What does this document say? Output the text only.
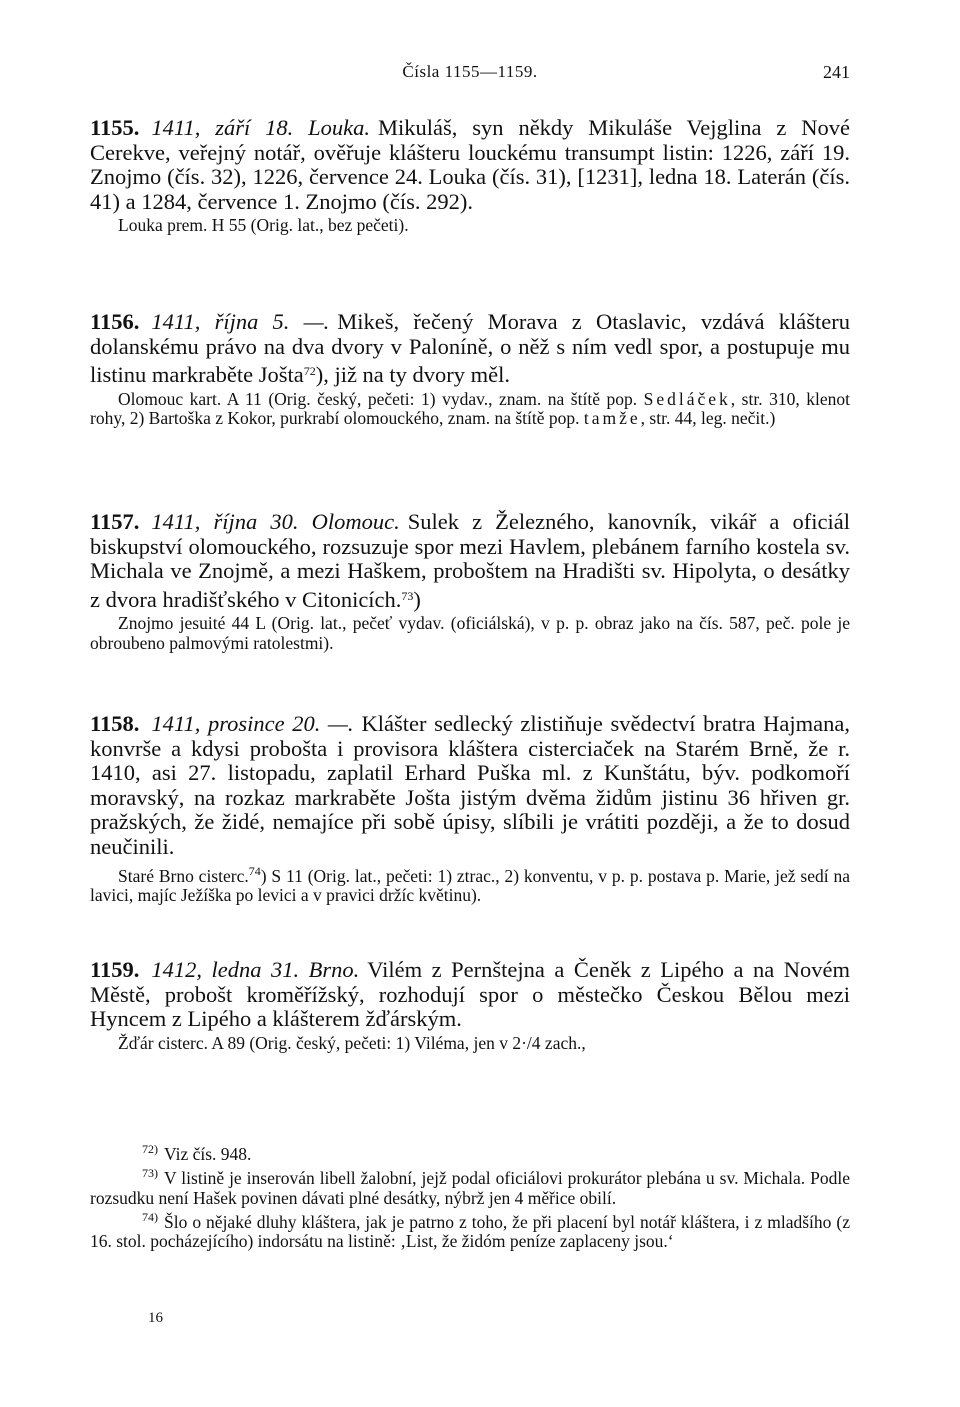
Čísla 1155—1159.	241

1155. 1411, září 18. Louka. Mikuláš, syn někdy Mikuláše Vejglina z Nové Cerekve, veřejný notář, ověřuje klášteru louckému transumpt listin: 1226, září 19. Znojmo (čís. 32), 1226, července 24. Louka (čís. 31), [1231], ledna 18. Laterán (čís. 41) a 1284, července 1. Znojmo (čís. 292).

Louka prem. H 55 (Orig. lat., bez pečeti).

1156. 1411, října 5. —. Mikeš, řečený Morava z Otaslavic, vzdává klášteru dolanskému právo na dva dvory v Paloníně, o něž s ním vedl spor, a postupuje mu listinu markraběte Jošta$^{72}$), již na ty dvory měl.

Olomouc kart. A 11 (Orig. český, pečeti: 1) vydav., znam. na štítě pop. Sedláček, str. 310, klenot rohy, 2) Bartoška z Kokor, purkrabí olomouckého, znam. na štítě pop. tamže, str. 44, leg. nečit.)

1157. 1411, října 30. Olomouc. Sulek z Železného, kanovník, vikář a oficiál biskupství olomouckého, rozsuzuje spor mezi Havlem, plebánem farního kostela sv. Michala ve Znojmě, a mezi Haškem, proboštem na Hradišti sv. Hipolyta, o desátky z dvora hradišťského v Citonicích.$^{73}$)

Znojmo jesuité 44 L (Orig. lat., pečeť vydav. (oficiálská), v p. p. obraz jako na čís. 587, peč. pole je obroubeno palmovými ratolestmi).

1158. 1411, prosince 20. —. Klášter sedlecký zlistiňuje svědectví bratra Hajmana, konvrše a kdysi probošta i provisora kláštera cisterciaček na Starém Brně, že r. 1410, asi 27. listopadu, zaplatil Erhard Puška ml. z Kunštátu, býv. podkomoří moravský, na rozkaz markraběte Jošta jistým dvěma židům jistinu 36 hřiven gr. pražských, že židé, nemajíce při sobě úpisy, slíbili je vrátiti později, a že to dosud neučinili.

Staré Brno cisterc.$^{74}$) S 11 (Orig. lat., pečeti: 1) ztrac., 2) konventu, v p. p. postava p. Marie, jež sedí na lavici, majíc Ježíška po levici a v pravici držíc květinu).

1159. 1412, ledna 31. Brno. Vilém z Pernštejna a Čeněk z Lipého a na Novém Městě, probošt kroměřížský, rozhodují spor o městečko Českou Bělou mezi Hyncem z Lipého a klášterem žďárským.

Žďár cisterc. A 89 (Orig. český, pečeti: 1) Viléma, jen v 2·/4 zach.,

$^{72)}$ Viz čís. 948.

$^{73)}$ V listině je inserován libell žalobní, jejž podal oficiálovi prokurátor plebána u sv. Michala. Podle rozsudku není Hašek povinen dávati plné desátky, nýbrž jen 4 měřice obilí.

$^{74)}$ Šlo o nějaké dluhy kláštera, jak je patrno z toho, že při placení byl notář kláštera, i z mladšího (z 16. stol. pocházejícího) indorsátu na listině: ‚List, že židóm peníze zaplaceny jsou.‘

16
